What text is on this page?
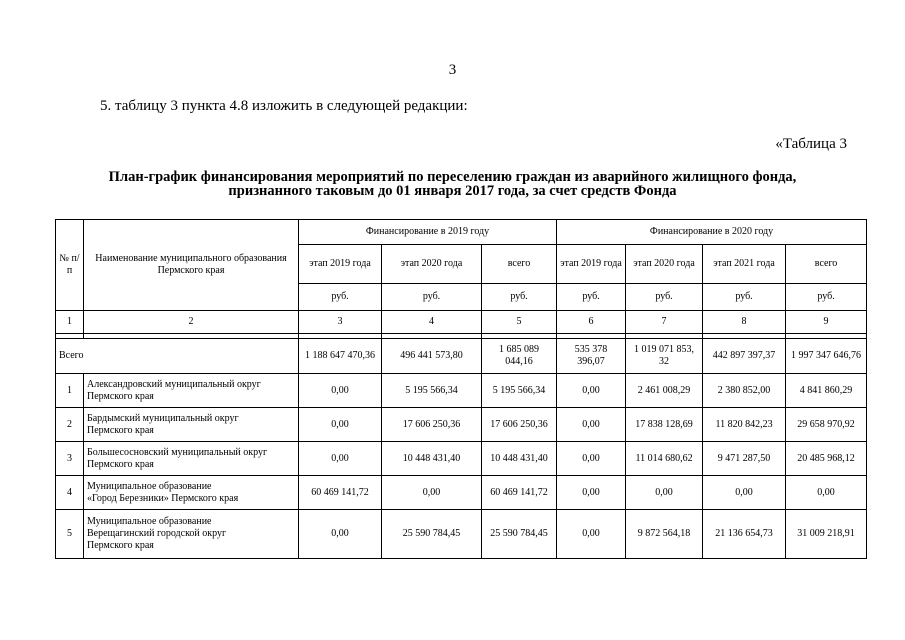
3
5. таблицу 3 пункта 4.8 изложить в следующей редакции:
«Таблица 3
План-график финансирования мероприятий по переселению граждан из аварийного жилищного фонда,
признанного таковым до 01 января 2017 года, за счет средств Фонда
№ п/п	Наименование муниципального образования Пермского края	Финансирование в 2019 году			Финансирование в 2020 году			
		этап 2019 года	этап 2020 года	всего	этап 2019 года	этап 2020 года	этап 2021 года	всего
		руб.	руб.	руб.	руб.	руб.	руб.	руб.
1	2	3	4	5	6	7	8	9

Всего		1 188 647 470,36	496 441 573,80	1 685 089 044,16	535 378 396,07	1 019 071 853, 32	442 897 397,37	1 997 347 646,76
1	Александровский муниципальный округ
Пермского края	0,00	5 195 566,34	5 195 566,34	0,00	2 461 008,29	2 380 852,00	4 841 860,29
2	Бардымский муниципальный округ
Пермского края	0,00	17 606 250,36	17 606 250,36	0,00	17 838 128,69	11 820 842,23	29 658 970,92
3	Большесосновский муниципальный округ
Пермского края	0,00	10 448 431,40	10 448 431,40	0,00	11 014 680,62	9 471 287,50	20 485 968,12
4	Муниципальное образование
«Город Березники» Пермского края	60 469 141,72	0,00	60 469 141,72	0,00	0,00	0,00	0,00
5	Муниципальное образование
Верещагинский городской округ
Пермского края	0,00	25 590 784,45	25 590 784,45	0,00	9 872 564,18	21 136 654,73	31 009 218,91
